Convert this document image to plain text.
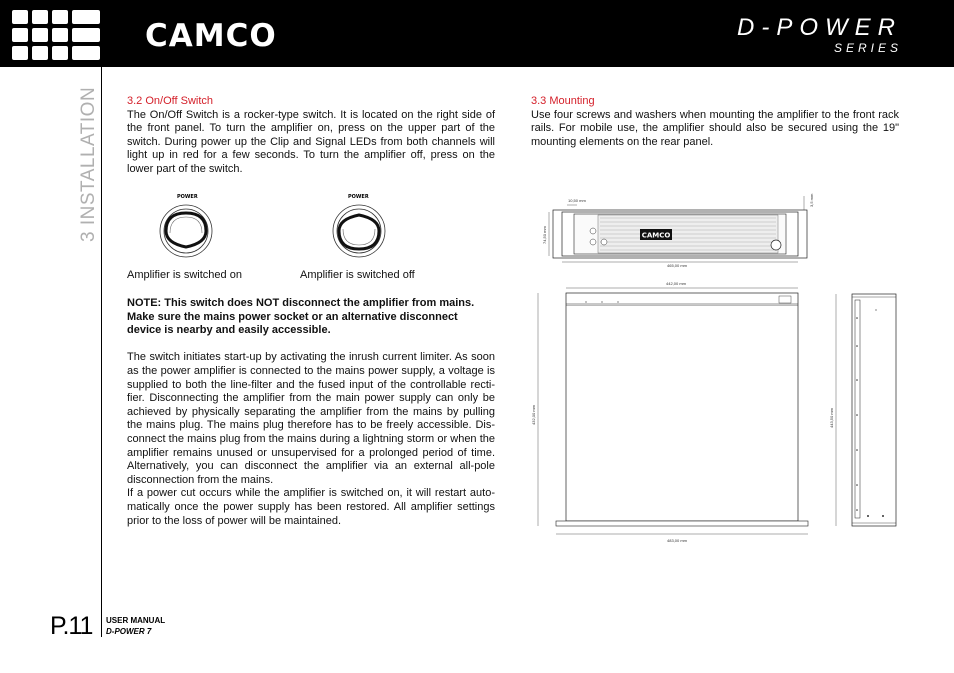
CAMCO	D-POWER
SERIES
3 INSTALLATION
P.11 USER MANUAL
D-POWER 7

3.2 On/Off Switch

The On/Off Switch is a rocker-type switch. It is located on the right side of the front panel. To turn the amplifier on, press on the upper part of the switch. During power up the Clip and Signal LEDs from both channels will light up in red for a few seconds. To turn the amplifier off, press on the lower part of the switch.

POWER	POWER
Amplifier is switched on	Amplifier is switched off

NOTE: This switch does NOT disconnect the amplifier from mains. Make sure the mains power socket or an alternative disconnect device is nearby and easily accessible.

The switch initiates start-up by activating the inrush current limiter. As soon as the power amplifier is connected to the mains power supply, a voltage is supplied to both the line-filter and the fused input of the controllable recti-fier. Disconnecting the amplifier from the main power supply can only be achieved by physically separating the amplifier from the mains by pulling the mains plug. The mains plug therefore has to be freely accessible. Dis-connect the mains plug from the mains during a lightning storm or when the amplifier remains unused or unsupervised for a prolonged period of time. Alternatively, you can disconnect the amplifier via an external all-pole disconnection from the mains.

If a power cut occurs while the amplifier is switched on, it will restart auto-matically once the power supply has been restored. All amplifier settings prior to the loss of power will be maintained.

3.3 Mounting

Use four screws and washers when mounting the amplifier to the front rack rails. For mobile use, the amplifier should also be secured using the 19" mounting elements on the rear panel.

10,50 mm
CAMCO
74,50 mm
465,00 mm
3,5 mm
442,00 mm
432,00 mm
483,00 mm
443,50 mm
